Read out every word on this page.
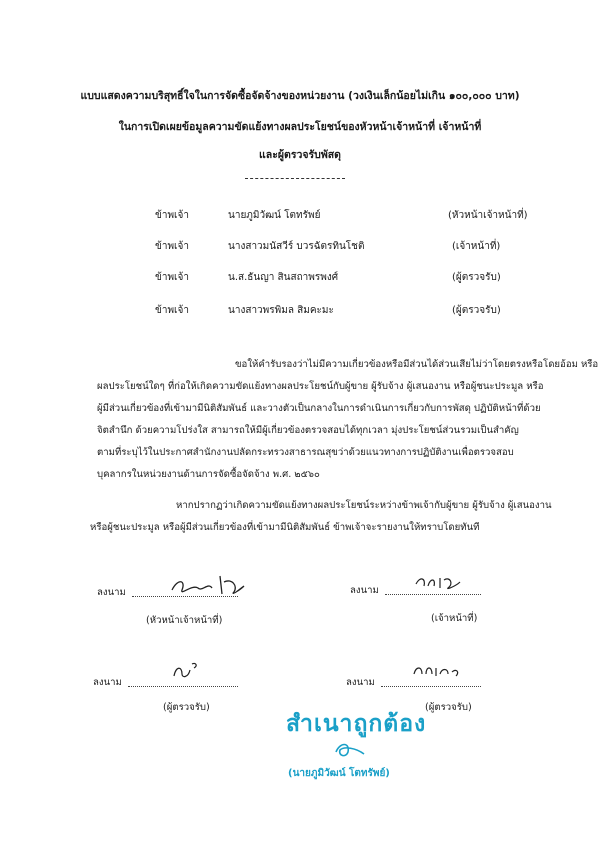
แบบแสดงความบริสุทธิ์ใจในการจัดซื้อจัดจ้างของหน่วยงาน (วงเงินเล็กน้อยไม่เกิน ๑๐๐,๐๐๐ บาท)
ในการเปิดเผยข้อมูลความขัดแย้งทางผลประโยชน์ของหัวหน้าเจ้าหน้าที่ เจ้าหน้าที่
และผู้ตรวจรับพัสดุ
ข้าพเจ้า	นายภูมิวัฒน์ โตทรัพย์	(หัวหน้าเจ้าหน้าที่)
ข้าพเจ้า	นางสาวมนัสวีร์ บวรฉัตรทินโชติ	(เจ้าหน้าที่)
ข้าพเจ้า	น.ส.ธันญา สินสถาพรพงศ์	(ผู้ตรวจรับ)
ข้าพเจ้า	นางสาวพรพิมล สิมคะมะ	(ผู้ตรวจรับ)
ขอให้คำรับรองว่าไม่มีความเกี่ยวข้องหรือมีส่วนได้ส่วนเสียไม่ว่าโดยตรงหรือโดยอ้อม หรือ
ผลประโยชน์ใดๆ ที่ก่อให้เกิดความขัดแย้งทางผลประโยชน์กับผู้ขาย ผู้รับจ้าง ผู้เสนองาน หรือผู้ชนะประมูล หรือ
ผู้มีส่วนเกี่ยวข้องที่เข้ามามีนิติสัมพันธ์ และวางตัวเป็นกลางในการดำเนินการเกี่ยวกับการพัสดุ ปฏิบัติหน้าที่ด้วย
จิตสำนึก ด้วยความโปร่งใส สามารถให้มีผู้เกี่ยวข้องตรวจสอบได้ทุกเวลา มุ่งประโยชน์ส่วนรวมเป็นสำคัญ
ตามที่ระบุไว้ในประกาศสำนักงานปลัดกระทรวงสาธารณสุขว่าด้วยแนวทางการปฏิบัติงานเพื่อตรวจสอบ
บุคลากรในหน่วยงานด้านการจัดซื้อจัดจ้าง พ.ศ. ๒๕๖๐
หากปรากฏว่าเกิดความขัดแย้งทางผลประโยชน์ระหว่างข้าพเจ้ากับผู้ขาย ผู้รับจ้าง ผู้เสนองาน
หรือผู้ชนะประมูล หรือผู้มีส่วนเกี่ยวข้องที่เข้ามามีนิติสัมพันธ์ ข้าพเจ้าจะรายงานให้ทราบโดยทันที
ลงนาม
(หัวหน้าเจ้าหน้าที่)
ลงนาม
(เจ้าหน้าที่)
ลงนาม
(ผู้ตรวจรับ)
ลงนาม
(ผู้ตรวจรับ)
สำเนาถูกต้อง
(นายภูมิวัฒน์ โตทรัพย์)
